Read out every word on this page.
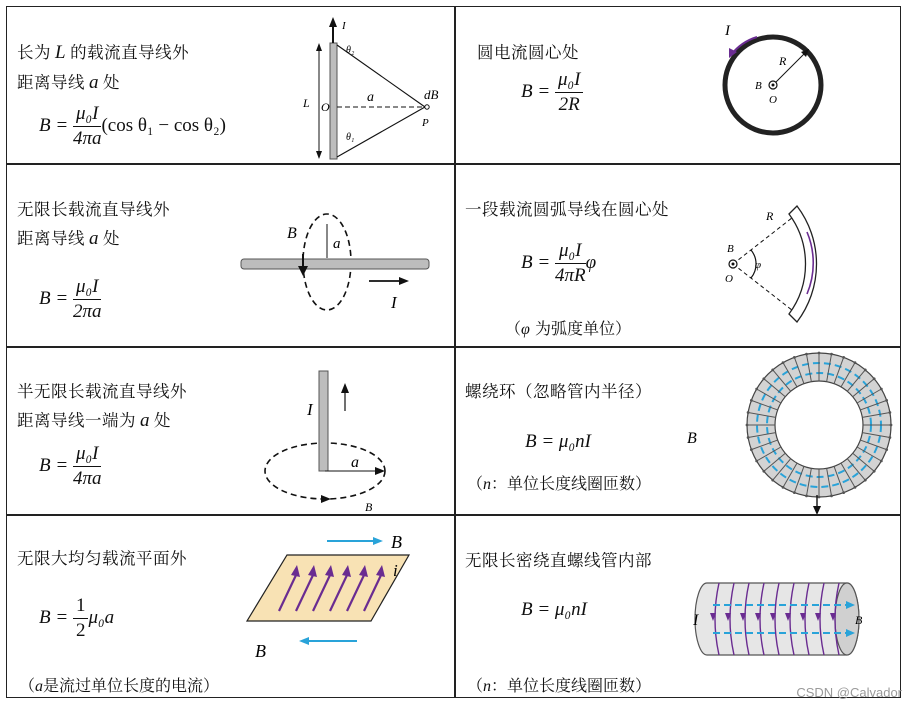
长为 L 的载流直导线外
距离导线 a 处
$B = \frac{\text{μ₀I}}{4\pi a} (\cos$ θ₁ − cos θ₂)
I
θ₂
θ₁
L O
a	dB
P
圆电流圆心处
$B = \frac{\text{μ₀I}}{2R}$
I
R
B
O
无限长载流直导线外
距离导线 a 处
$B = \frac{\text{μ₀I}}{2\pi a}$
B
a
I
一段载流圆弧导线在圆心处
$B = \frac{\text{μ₀I}}{4\pi R}$ φ
（φ 为弧度单位）
R
B
O
φ
半无限长载流直导线外
距离导线一端为 a 处
$B = \frac{\text{μ₀I}}{4\pi a}$
I
a
B
螺绕环（忽略管内半径）
B = μ₀nI
（n：单位长度线圈匝数）
B
无限大均匀载流平面外
$B = \frac{1}{2} \mu_0a$
（a是流过单位长度的电流）
B
i
B
无限长密绕直螺线管内部
B = μ₀nI
（n：单位长度线圈匝数）
I	B
CSDN @Calvador
